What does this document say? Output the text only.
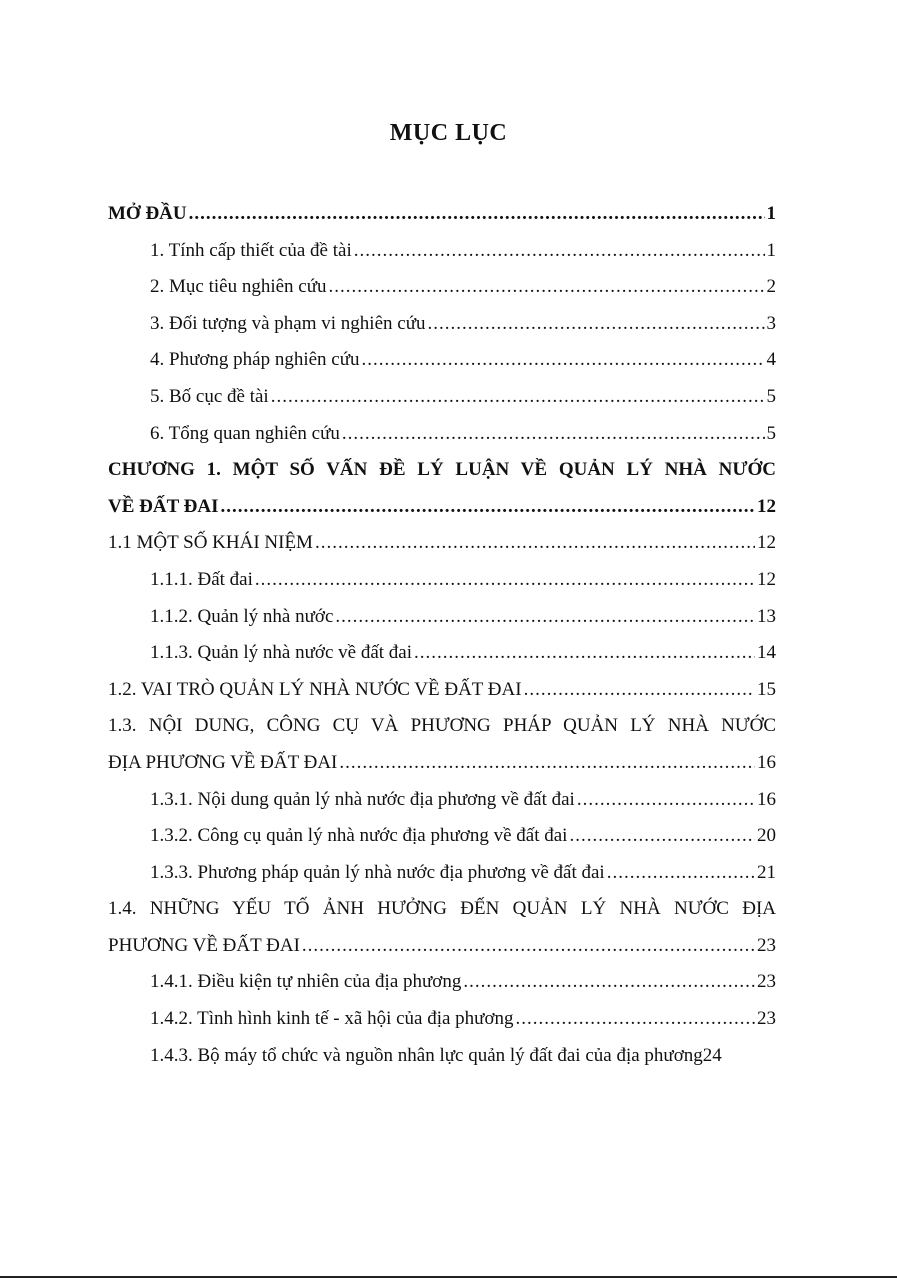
MỤC LỤC
MỞ ĐẦU .....	1
1. Tính cấp thiết của đề tài .....	1
2. Mục tiêu nghiên cứu .....	2
3. Đối tượng và phạm vi nghiên cứu .....	3
4. Phương pháp nghiên cứu .....	4
5. Bố cục đề tài .....	5
6. Tổng quan nghiên cứu .....	5
CHƯƠNG 1. MỘT SỐ VẤN ĐỀ LÝ LUẬN VỀ QUẢN LÝ NHÀ NƯỚC
VỀ ĐẤT ĐAI .....	12
1.1 MỘT SỐ KHÁI NIỆM .....	12
1.1.1. Đất đai .....	12
1.1.2. Quản lý nhà nước .....	13
1.1.3. Quản lý nhà nước về đất đai .....	14
1.2. VAI TRÒ QUẢN LÝ NHÀ NƯỚC VỀ ĐẤT ĐAI .....	15
1.3. NỘI DUNG, CÔNG CỤ VÀ PHƯƠNG PHÁP QUẢN LÝ NHÀ NƯỚC
ĐỊA PHƯƠNG VỀ ĐẤT ĐAI .....	16
1.3.1. Nội dung quản lý nhà nước địa phương về đất đai .....	16
1.3.2. Công cụ quản lý nhà nước địa phương về đất đai .....	20
1.3.3. Phương pháp quản lý nhà nước địa phương về đất đai .....	21
1.4. NHỮNG YẾU TỐ ẢNH HƯỞNG ĐẾN QUẢN LÝ NHÀ NƯỚC ĐỊA
PHƯƠNG VỀ ĐẤT ĐAI .....	23
1.4.1. Điều kiện tự nhiên của địa phương .....	23
1.4.2. Tình hình kinh tế - xã hội của địa phương .....	23
1.4.3. Bộ máy tổ chức và nguồn nhân lực quản lý đất đai của địa phương 24
